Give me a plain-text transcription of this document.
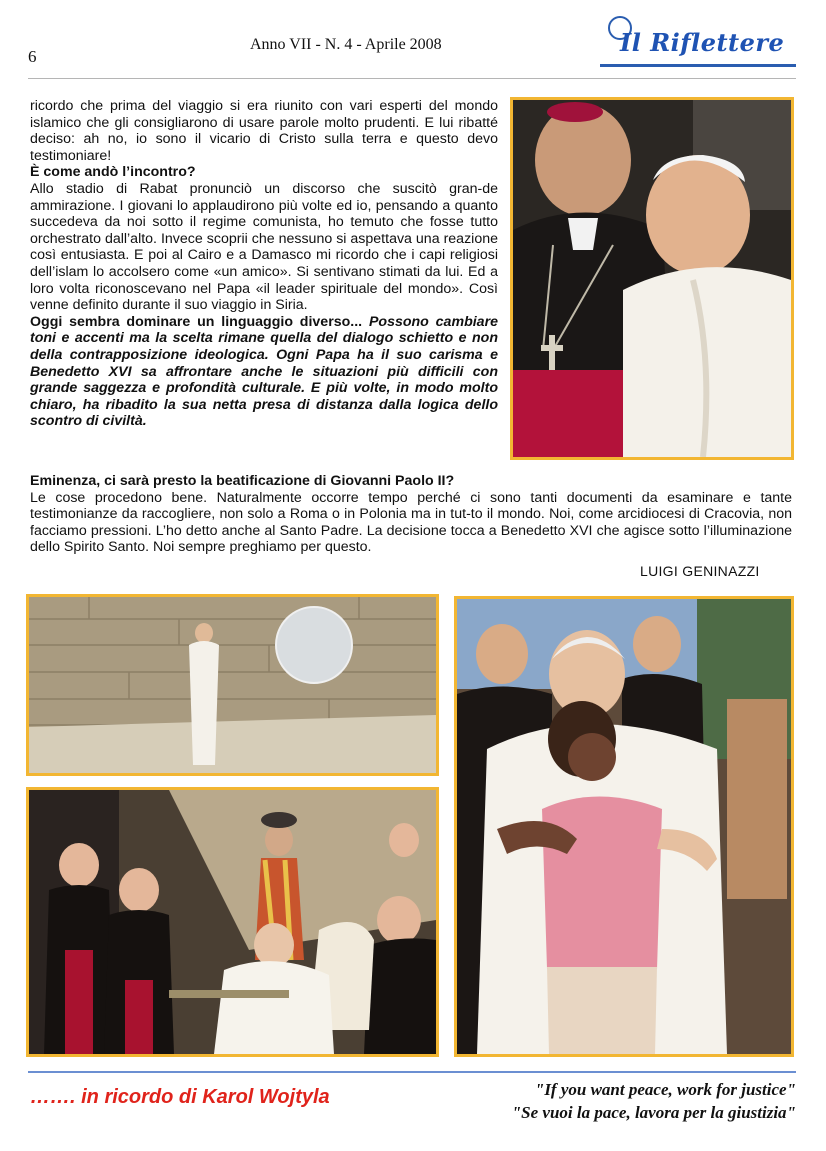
6
Anno VII - N. 4 - Aprile 2008	Il Riflettere

ricordo che prima del viaggio si era riunito con vari esperti del mondo islamico che gli consigliarono di usare parole molto prudenti. E lui ribatté deciso: ah no, io sono il vicario di Cristo sulla terra e questo devo testimoniare!

È come andò l’incontro?

Allo stadio di Rabat pronunciò un discorso che suscitò gran-de ammirazione. I giovani lo applaudirono più volte ed io, pensando a quanto succedeva da noi sotto il regime comunista, ho temuto che fosse tutto orchestrato dall’alto. Invece scoprii che nessuno si aspettava una reazione così entusiasta. E poi al Cairo e a Damasco mi ricordo che i capi religiosi dell’islam lo accolsero come «un amico». Si sentivano stimati da lui. Ed a loro volta riconoscevano nel Papa «il leader spirituale del mondo». Così venne definito durante il suo viaggio in Siria.

Oggi sembra dominare un linguaggio diverso... Possono cambiare toni e accenti ma la scelta rimane quella del dialogo schietto e non della contrapposizione ideologica. Ogni Papa ha il suo carisma e Benedetto XVI sa affrontare anche le situazioni più difficili con grande saggezza e profondità culturale. E più volte, in modo molto chiaro, ha ribadito la sua netta presa di distanza dalla logica dello scontro di civiltà.

Eminenza, ci sarà presto la beatificazione di Giovanni Paolo II?

Le cose procedono bene. Naturalmente occorre tempo perché ci sono tanti documenti da esaminare e tante testimonianze da raccogliere, non solo a Roma o in Polonia ma in tut-to il mondo. Noi, come arcidiocesi di Cracovia, non facciamo pressioni. L’ho detto anche al Santo Padre. La decisione tocca a Benedetto XVI che agisce sotto l’illuminazione dello Spirito Santo. Noi sempre preghiamo per questo.

LUIGI GENINAZZI
……. in ricordo di Karol Wojtyla	"If you want peace, work for justice"
"Se vuoi la pace, lavora per la giustizia"
